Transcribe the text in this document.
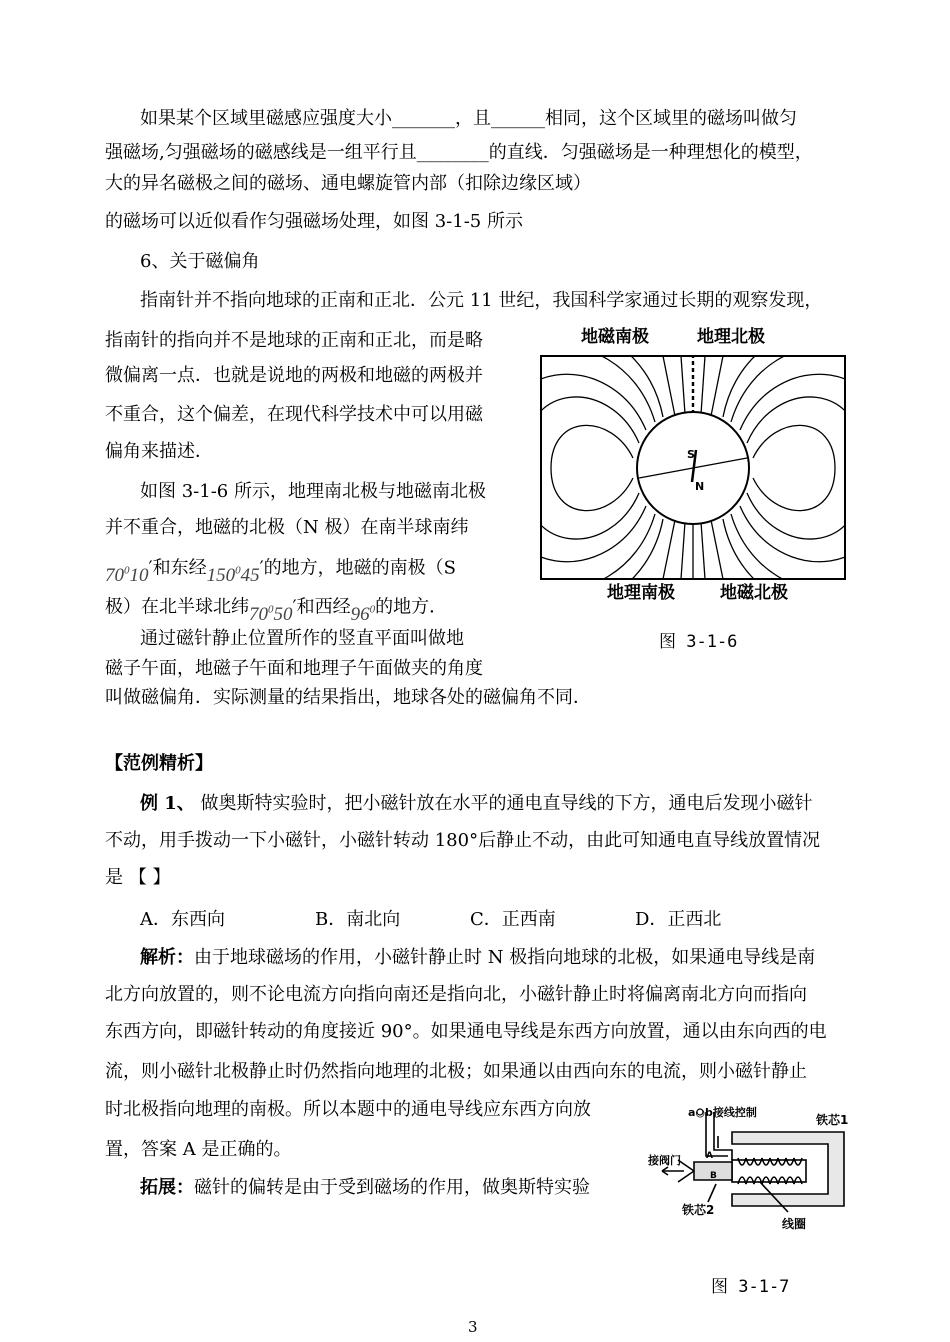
如果某个区域里磁感应强度大小_______，且______相同，这个区域里的磁场叫做匀
强磁场,匀强磁场的磁感线是一组平行且________的直线．匀强磁场是一种理想化的模型，
大的异名磁极之间的磁场、通电螺旋管内部（扣除边缘区域）
的磁场可以近似看作匀强磁场处理，如图 3-1-5 所示
6、关于磁偏角
指南针并不指向地球的正南和正北．公元 11 世纪，我国科学家通过长期的观察发现，
指南针的指向并不是地球的正南和正北，而是略
微偏离一点．也就是说地的两极和地磁的两极并
不重合，这个偏差，在现代科学技术中可以用磁
偏角来描述．
如图 3-1-6 所示，地理南北极与地磁南北极
并不重合，地磁的北极（N 极）在南半球南纬
$70^010'$和东经$150^045'$的地方，地磁的南极（S
极）在北半球北纬$70^050'$和西经$96^0$的地方．
通过磁针静止位置所作的竖直平面叫做地
磁子午面，地磁子午面和地理子午面做夹的角度
叫做磁偏角．实际测量的结果指出，地球各处的磁偏角不同．
S
N
地磁南极	地理北极
地理南极	地磁北极
图 3-1-6
【范例精析】
例 1、 做奥斯特实验时，把小磁针放在水平的通电直导线的下方，通电后发现小磁针
不动，用手拨动一下小磁针，小磁针转动 180°后静止不动，由此可知通电直导线放置情况
是 【 】
A．东西向	B．南北向	C．正西南	D．正西北
解析：由于地球磁场的作用，小磁针静止时 N 极指向地球的北极，如果通电导线是南
北方向放置的，则不论电流方向指向南还是指向北，小磁针静止时将偏离南北方向而指向
东西方向，即磁针转动的角度接近 90°。如果通电导线是东西方向放置，通以由东向西的电
流，则小磁针北极静止时仍然指向地理的北极；如果通以由西向东的电流，则小磁针静止
时北极指向地理的南极。所以本题中的通电导线应东西方向放
置，答案 A 是正确的。
拓展：磁针的偏转是由于受到磁场的作用，做奥斯特实验
a○b接线控制
铁芯1
接阀门	A
B
铁芯2
线圈
图 3-1-7
3
